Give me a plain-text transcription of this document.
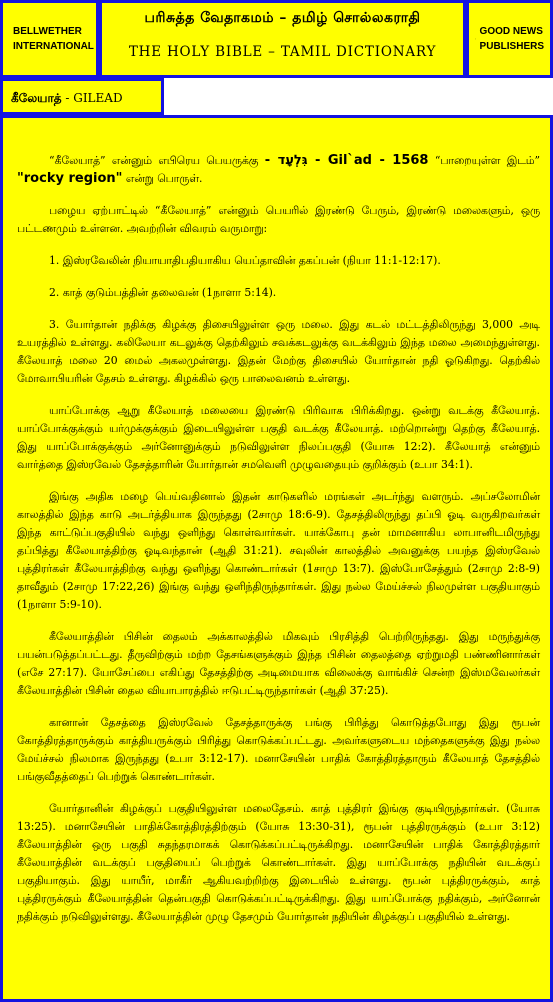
BELLWETHER
INTERNATIONAL
பரிசுத்த வேதாகமம் – தமிழ் சொல்லகராதி
THE HOLY BIBLE – TAMIL DICTIONARY
GOOD NEWS
PUBLISHERS
கீலேயாத் - GILEAD

“கீலேயாத்” என்னும் எபிரெய பெயருக்கு - גִּלְעָד - Gil`ad - 1568 “பாறையுள்ள இடம்” "rocky region" என்று பொருள்.

பழைய ஏற்பாட்டில் “கீலேயாத்” என்னும் பெயரில் இரண்டு பேரும், இரண்டு மலைகளும், ஒரு பட்டணமும் உள்ளன. அவற்றின் விவரம் வருமாறு:

1. இஸ்ரவேலின் நியாயாதிபதியாகிய யெப்தாவின் தகப்பன் (நியா 11:1-12:17).

2. காத் குடும்பத்தின் தலைவன் (1நாளா 5:14).

3. யோர்தான் நதிக்கு கிழக்கு திசையிலுள்ள ஒரு மலை. இது கடல் மட்டத்திலிருந்து 3,000 அடி உயரத்தில் உள்ளது. கலிலேயா கடலுக்கு தெற்கிலும் சவக்கடலுக்கு வடக்கிலும் இந்த மலை அமைந்துள்ளது. கீலேயாத் மலை 20 மைல் அகலமுள்ளது. இதன் மேற்கு திசையில் யோர்தான் நதி ஓடுகிறது. தெற்கில் மோவாபியரின் தேசம் உள்ளது. கிழக்கில் ஒரு பாலைவனம் உள்ளது.

யாப்போக்கு ஆறு கீலேயாத் மலையை இரண்டு பிரிவாக பிரிக்கிறது. ஒன்று வடக்கு கீலேயாத். யாப்போக்குக்கும் யர்முக்குக்கும் இடையிலுள்ள பகுதி வடக்கு கீலேயாத். மற்றொன்று தெற்கு கீலேயாத். இது யாப்போக்குக்கும் அர்னோனுக்கும் நடுவிலுள்ள நிலப்பகுதி (யோசு 12:2). கீலேயாத் என்னும் வார்த்தை இஸ்ரவேல் தேசத்தாரின் யோர்தான் சமவெளி முழுவதையும் குறிக்கும் (உபா 34:1).

இங்கு அதிக மழை பெய்வதினால் இதன் காடுகளில் மரங்கள் அடர்ந்து வளரும். அப்சலோமின் காலத்தில் இந்த காடு அடர்த்தியாக இருந்தது (2சாமு 18:6-9). தேசத்திலிருந்து தப்பி ஓடி வருகிறவர்கள் இந்த காட்டுப்பகுதியில் வந்து ஒளிந்து கொள்வார்கள். யாக்கோபு தன் மாமனாகிய லாபானிடமிருந்து தப்பித்து கீலேயாத்திற்கு ஓடிவந்தான் (ஆதி 31:21). சவுலின் காலத்தில் அவனுக்கு பயந்த இஸ்ரவேல் புத்திரர்கள் கீலேயாத்திற்கு வந்து ஒளிந்து கொண்டார்கள் (1சாமு 13:7). இஸ்போசேத்தும் (2சாமு 2:8-9) தாவீதும் (2சாமு 17:22,26) இங்கு வந்து ஒளிந்திருந்தார்கள். இது நல்ல மேய்ச்சல் நிலமுள்ள பகுதியாகும் (1நாளா 5:9-10).

கீலேயாத்தின் பிசின் தைலம் அக்காலத்தில் மிகவும் பிரசித்தி பெற்றிருந்தது. இது மருந்துக்கு பயன்படுத்தப்பட்டது. தீருவிற்கும் மற்ற தேசங்களுக்கும் இந்த பிசின் தைலத்தை ஏற்றுமதி பண்ணினார்கள் (எசே 27:17). யோசேப்பை எகிப்து தேசத்திற்கு அடிமையாக விலைக்கு வாங்கிச் சென்ற இஸ்மவேலர்கள் கீலேயாத்தின் பிசின் தைல வியாபாரத்தில் ஈடுபட்டிருந்தார்கள் (ஆதி 37:25).

கானான் தேசத்தை இஸ்ரவேல் தேசத்தாருக்கு பங்கு பிரித்து கொடுத்தபோது இது ரூபன் கோத்திரத்தாருக்கும் காத்தியருக்கும் பிரித்து கொடுக்கப்பட்டது. அவர்களுடைய மந்தைகளுக்கு இது நல்ல மேய்ச்சல் நிலமாக இருந்தது (உபா 3:12-17). மனாசேயின் பாதிக் கோத்திரத்தாரும் கீலேயாத் தேசத்தில் பங்குவீதத்தைப் பெற்றுக் கொண்டார்கள்.

யோர்தானின் கிழக்குப் பகுதியிலுள்ள மலைதேசம். காத் புத்திரர் இங்கு குடியிருந்தார்கள். (யோசு 13:25). மனாசேயின் பாதிக்கோத்திரத்திற்கும் (யோசு 13:30-31), ரூபன் புத்திரருக்கும் (உபா 3:12) கீலேயாத்தின் ஒரு பகுதி சுதந்தரமாகக் கொடுக்கப்பட்டிருக்கிறது. மனாசேயின் பாதிக் கோத்திரத்தார் கீலேயாத்தின் வடக்குப் பகுதியைப் பெற்றுக் கொண்டார்கள். இது யாப்போக்கு நதியின் வடக்குப் பகுதியாகும். இது யாயீர், மாகீர் ஆகியவற்றிற்கு இடையில் உள்ளது. ரூபன் புத்திரருக்கும், காத் புத்திரருக்கும் கீலேயாத்தின் தென்பகுதி கொடுக்கப்பட்டிருக்கிறது. இது யாப்போக்கு நதிக்கும், அர்னோன் நதிக்கும் நடுவிலுள்ளது. கீலேயாத்தின் முழு தேசமும் யோர்தான் நதியின் கிழக்குப் பகுதியில் உள்ளது.
